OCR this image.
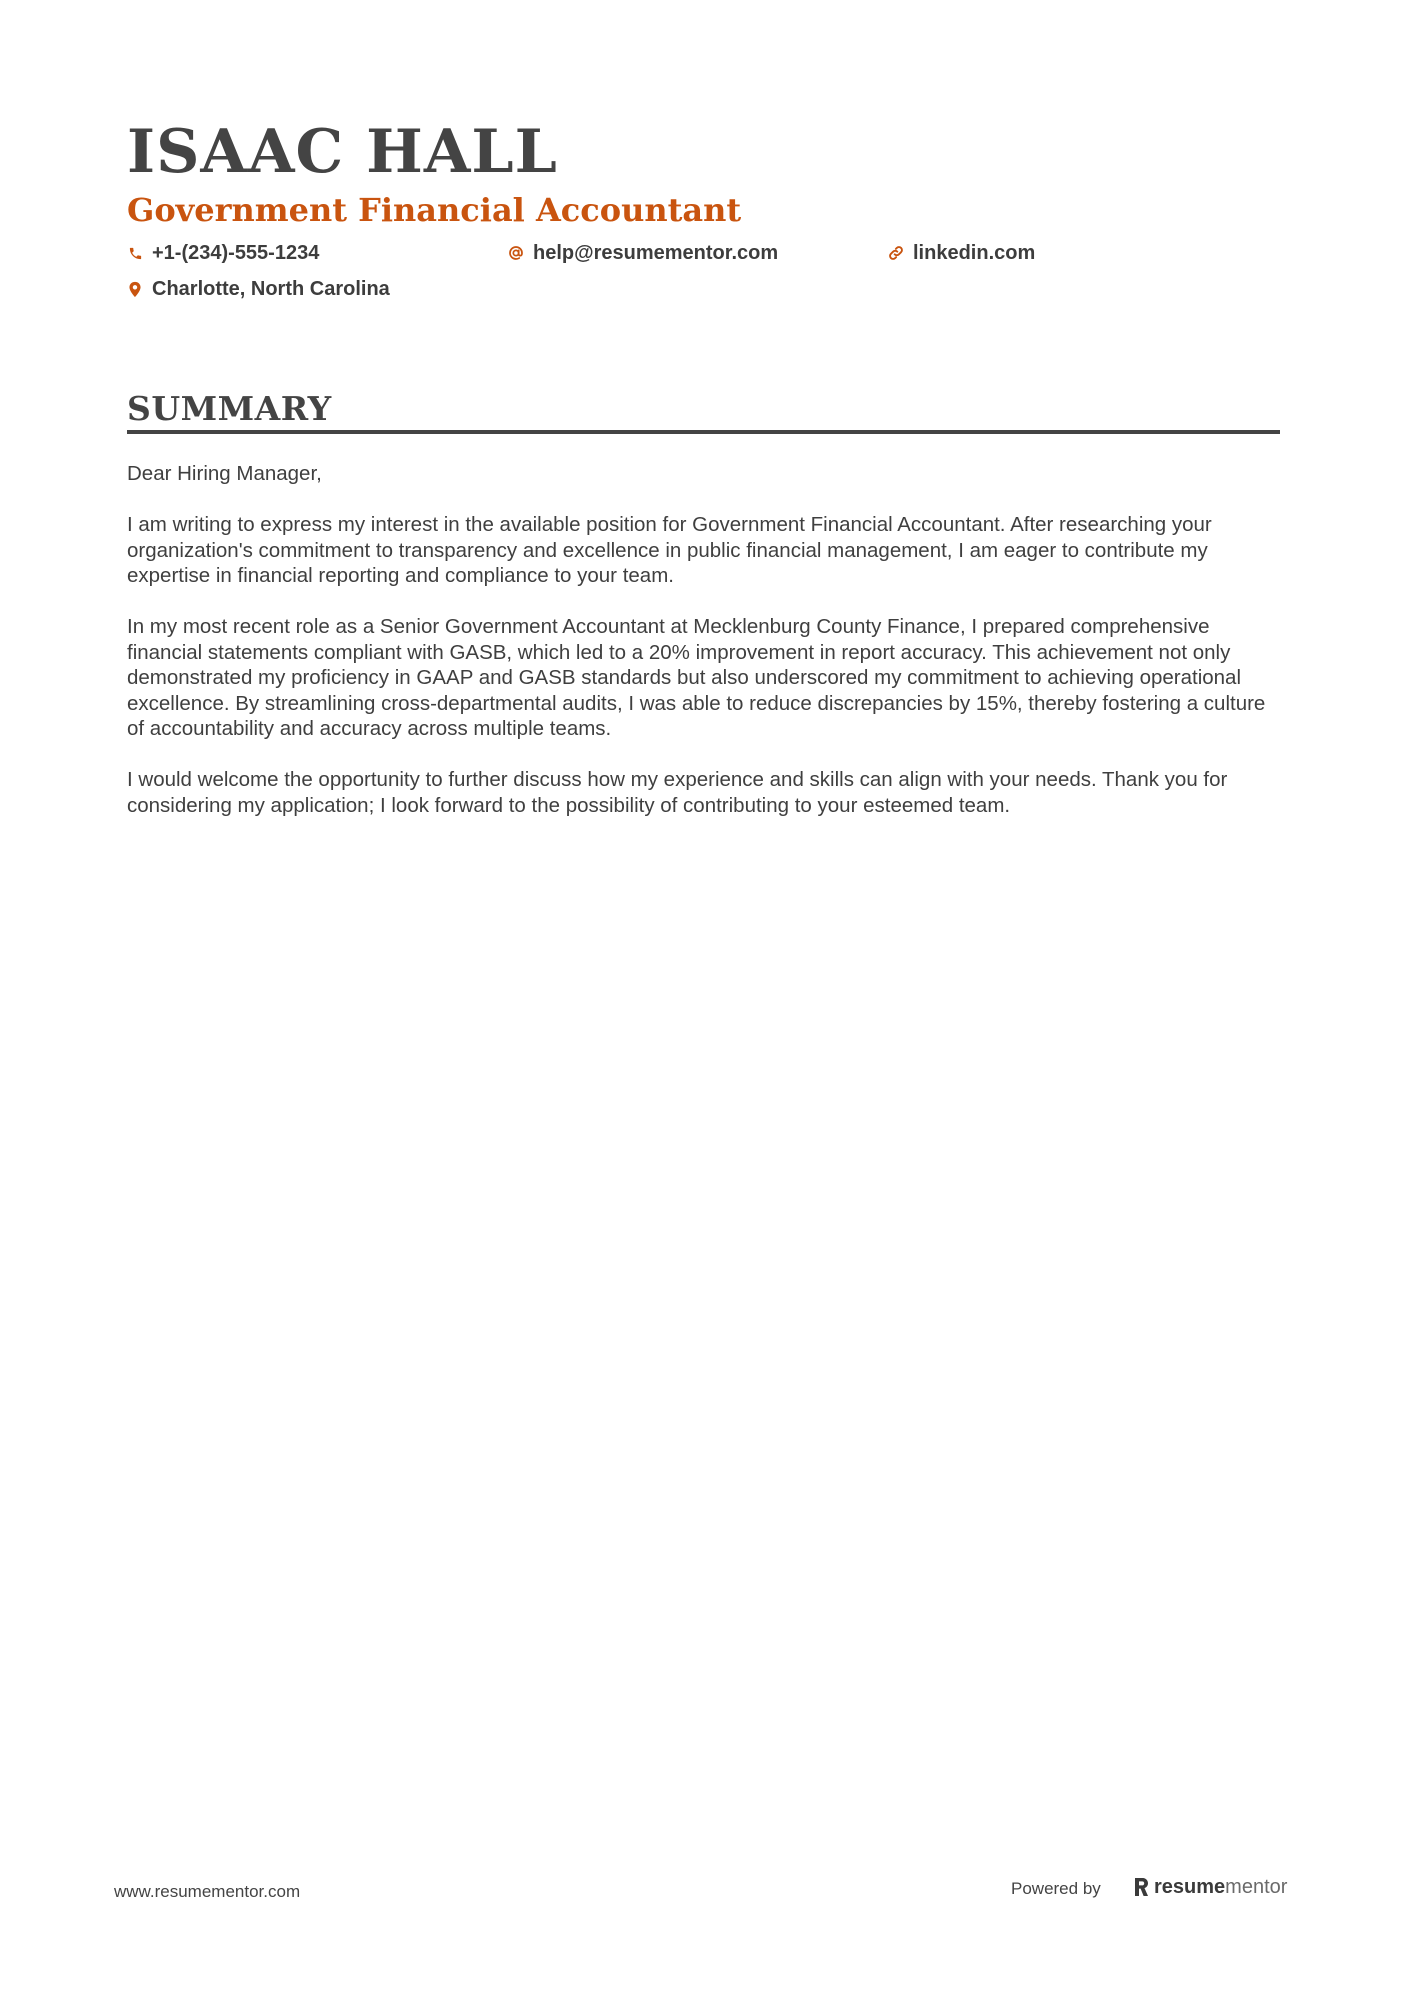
ISAAC HALL
Government Financial Accountant
+1-(234)-555-1234	help@resumementor.com	linkedin.com
Charlotte, North Carolina
SUMMARY

Dear Hiring Manager,

I am writing to express my interest in the available position for Government Financial Accountant. After researching your organization's commitment to transparency and excellence in public financial management, I am eager to contribute my expertise in financial reporting and compliance to your team.

In my most recent role as a Senior Government Accountant at Mecklenburg County Finance, I prepared comprehensive financial statements compliant with GASB, which led to a 20% improvement in report accuracy. This achievement not only demonstrated my proficiency in GAAP and GASB standards but also underscored my commitment to achieving operational excellence. By streamlining cross-departmental audits, I was able to reduce discrepancies by 15%, thereby fostering a culture of accountability and accuracy across multiple teams.

I would welcome the opportunity to further discuss how my experience and skills can align with your needs. Thank you for considering my application; I look forward to the possibility of contributing to your esteemed team.

www.resumementor.com	Powered by	resume mentor
